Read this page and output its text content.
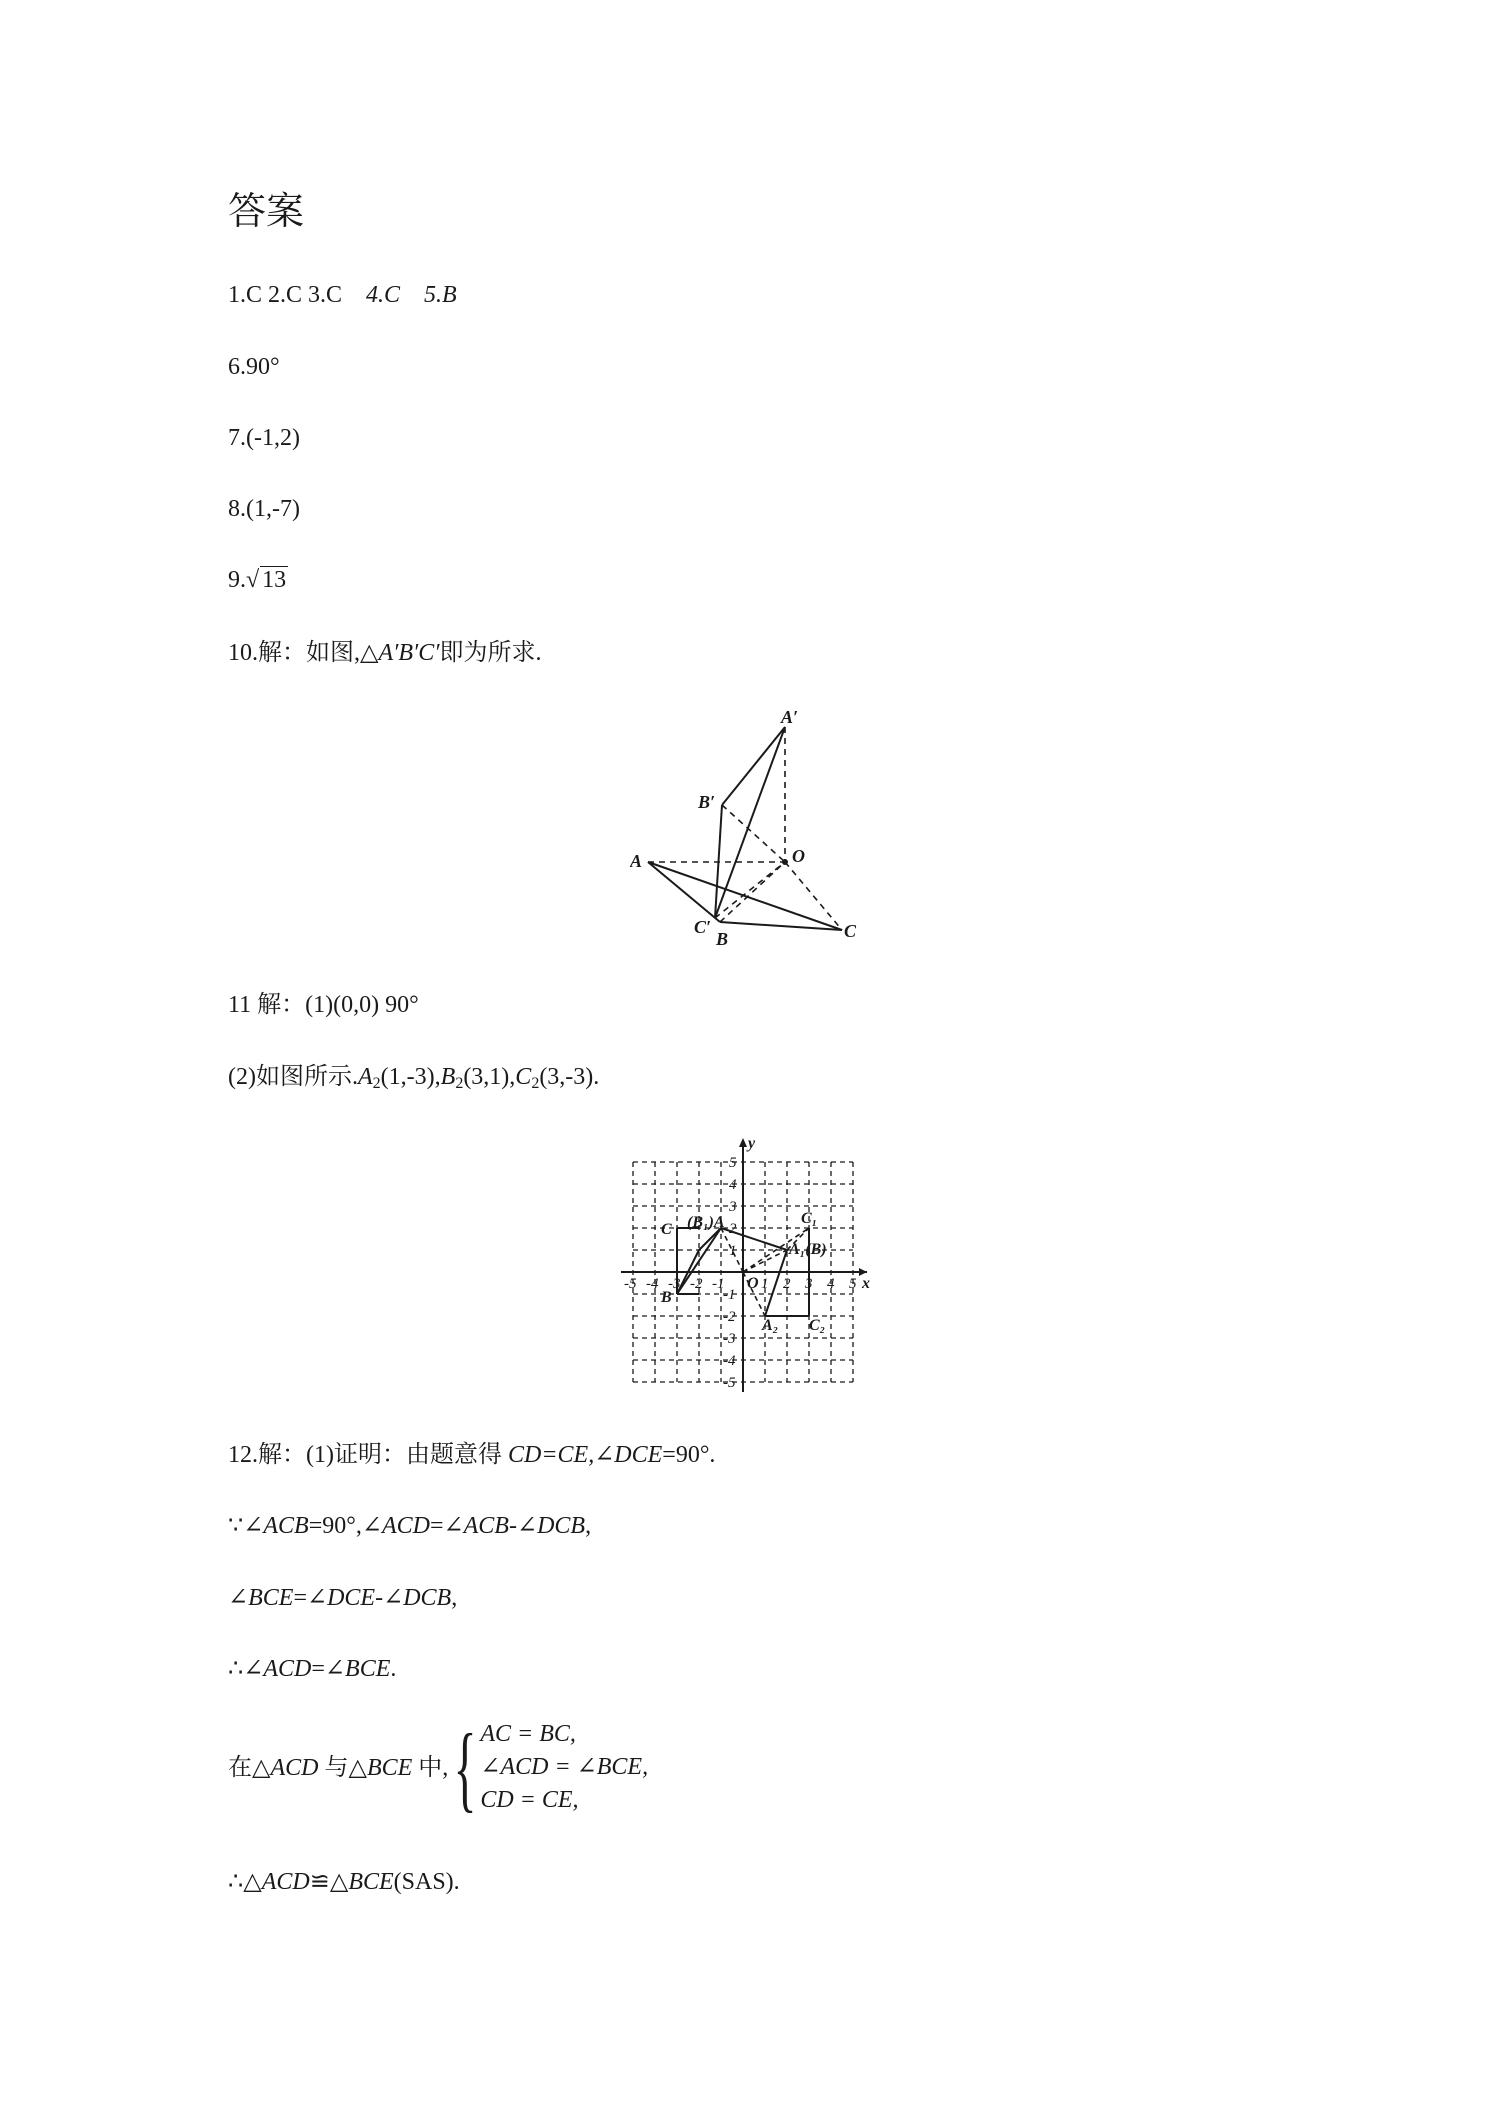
答案
1.C 2.C 3.C 4.C 5.B
6.90°
7.(-1,2)
8.(1,-7)
9.√ 13
10.解：如图,△A′B′C′即为所求.
A′
B′
O
A
C′
B	C
11 解：(1)(0,0) 90°
(2)如图所示$.A_2(1,-3),B_2(3,1),C_2(3,-3)$.
-5 -4 -3 -2 -1 1 2 3 4 5
5
4
3
2
1
-1
-2
-3
-4
-5
y
x
O
(B₁)A	C₁
C
A₁(B)
B
A₂ C₂
12.解：(1)证明：由题意得 CD=CE,∠DCE=90°.
∵∠ACB=90°,∠ACD=∠ACB-∠DCB,
∠BCE=∠DCE-∠DCB,
∴∠ACD=∠BCE.
在△ACD 与△BCE 中,{ AC = BC,
∠ACD = ∠BCE,
CD = CE,
∴△ACD≌△BCE(SAS).
